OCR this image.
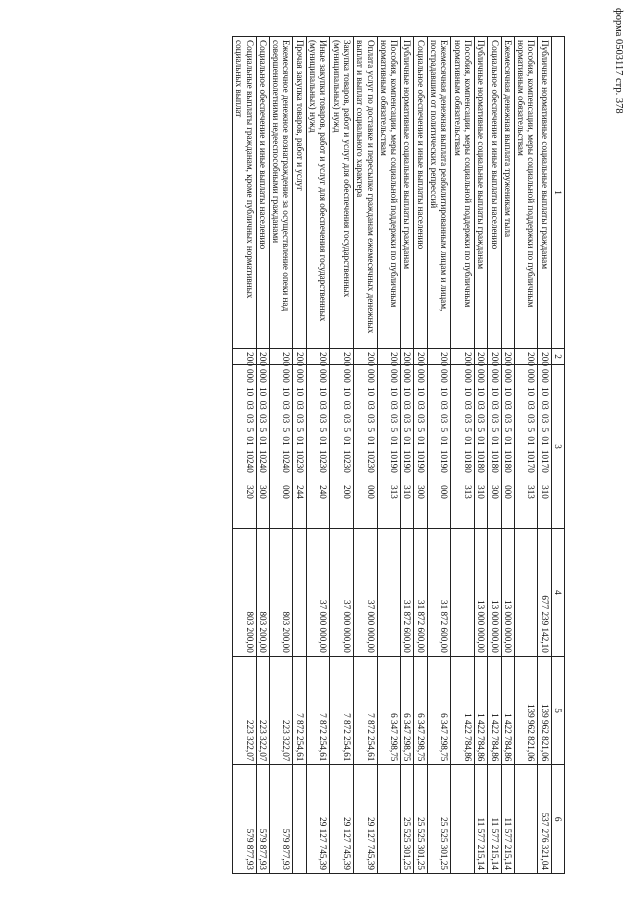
форма 0503117 стр. 378
1	2	3	4	5	6
Публичные нормативные социальные выплаты гражданам	200	000 10 03 03 5 01 10170310	677 239 142,10	139 962 821,06	537 276 321,04
Пособия, компенсации, меры социальной поддержки по публичным нормативным обязательствам	200	000 10 03 03 5 01 10170313		139 962 821,06	
Ежемесячная денежная выплата труженикам тыла	200	000 10 03 03 5 01 10180000	13 000 000,00	1 422 784,86	11 577 215,14
Социальное обеспечение и иные выплаты населению	200	000 10 03 03 5 01 10180300	13 000 000,00	1 422 784,86	11 577 215,14
Публичные нормативные социальные выплаты гражданам	200	000 10 03 03 5 01 10180310	13 000 000,00	1 422 784,86	11 577 215,14
Пособия, компенсации, меры социальной поддержки по публичным нормативным обязательствам	200	000 10 03 03 5 01 10180313		1 422 784,86	
Ежемесячная денежная выплата реабилитированным лицам и лицам, пострадавшим от политических репрессий	200	000 10 03 03 5 01 10190000	31 872 600,00	6 347 298,75	25 525 301,25
Социальное обеспечение и иные выплаты населению	200	000 10 03 03 5 01 10190300	31 872 600,00	6 347 298,75	25 525 301,25
Публичные нормативные социальные выплаты гражданам	200	000 10 03 03 5 01 10190310	31 872 600,00	6 347 298,75	25 525 301,25
Пособия, компенсации, меры социальной поддержки по публичным нормативным обязательствам	200	000 10 03 03 5 01 10190313		6 347 298,75	
Оплата услуг по доставке и пересылке гражданам ежемесячных денежных выплат и выплат социального характера	200	000 10 03 03 5 01 10230000	37 000 000,00	7 872 254,61	29 127 745,39
Закупка товаров, работ и услуг для обеспечения государственных (муниципальных) нужд	200	000 10 03 03 5 01 10230200	37 000 000,00	7 872 254,61	29 127 745,39
Иные закупки товаров, работ и услуг для обеспечения государственных (муниципальных) нужд	200	000 10 03 03 5 01 10230240	37 000 000,00	7 872 254,61	29 127 745,39
Прочая закупка товаров, работ и услуг	200	000 10 03 03 5 01 10230244		7 872 254,61	
Ежемесячное денежное вознаграждение за осуществление опеки над совершеннолетними недееспособными гражданами	200	000 10 03 03 5 01 10240000	803 200,00	223 322,07	579 877,93
Социальное обеспечение и иные выплаты населению	200	000 10 03 03 5 01 10240300	803 200,00	223 322,07	579 877,93
Социальные выплаты гражданам, кроме публичных нормативных социальных выплат	200	000 10 03 03 5 01 10240320	803 200,00	223 322,07	579 877,93
